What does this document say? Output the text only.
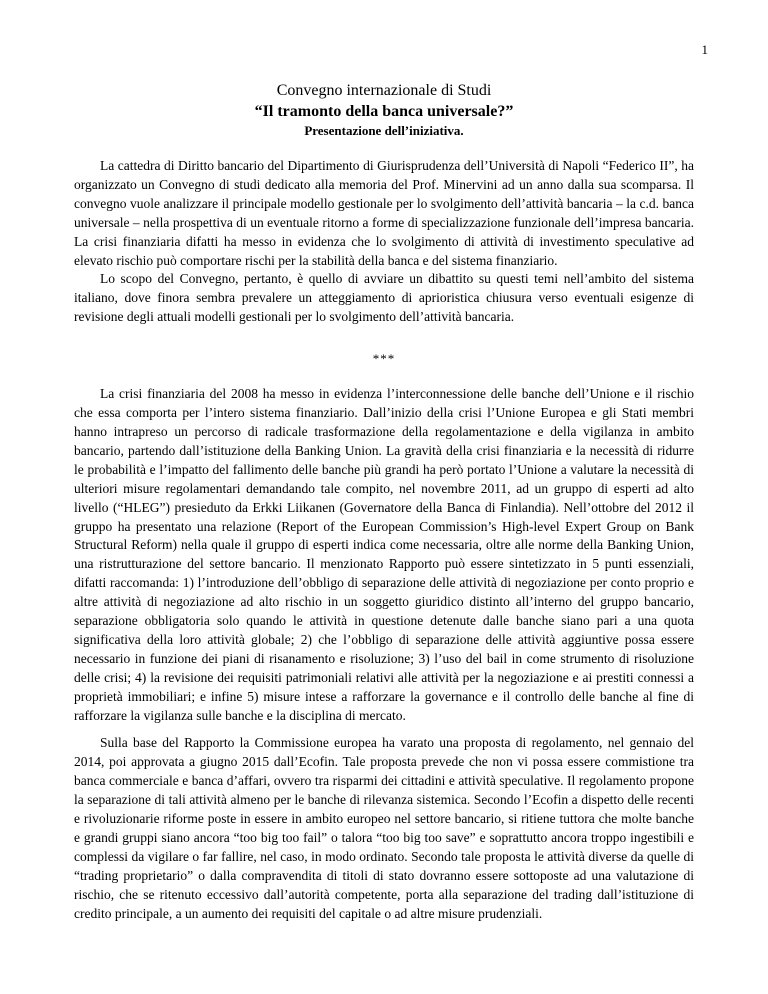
1
Convegno internazionale di Studi
“Il tramonto della banca universale?”
Presentazione dell’iniziativa.

La cattedra di Diritto bancario del Dipartimento di Giurisprudenza dell’Università di Napoli “Federico II”, ha organizzato un Convegno di studi dedicato alla memoria del Prof. Minervini ad un anno dalla sua scomparsa. Il convegno vuole analizzare il principale modello gestionale per lo svolgimento dell’attività bancaria – la c.d. banca universale – nella prospettiva di un eventuale ritorno a forme di specializzazione funzionale dell’impresa bancaria. La crisi finanziaria difatti ha messo in evidenza che lo svolgimento di attività di investimento speculative ad elevato rischio può comportare rischi per la stabilità della banca e del sistema finanziario.

Lo scopo del Convegno, pertanto, è quello di avviare un dibattito su questi temi nell’ambito del sistema italiano, dove finora sembra prevalere un atteggiamento di aprioristica chiusura verso eventuali esigenze di revisione degli attuali modelli gestionali per lo svolgimento dell’attività bancaria.

***

La crisi finanziaria del 2008 ha messo in evidenza l’interconnessione delle banche dell’Unione e il rischio che essa comporta per l’intero sistema finanziario. Dall’inizio della crisi l’Unione Europea e gli Stati membri hanno intrapreso un percorso di radicale trasformazione della regolamentazione e della vigilanza in ambito bancario, partendo dall’istituzione della Banking Union. La gravità della crisi finanziaria e la necessità di ridurre le probabilità e l’impatto del fallimento delle banche più grandi ha però portato l’Unione a valutare la necessità di ulteriori misure regolamentari demandando tale compito, nel novembre 2011, ad un gruppo di esperti ad alto livello (“HLEG”) presieduto da Erkki Liikanen (Governatore della Banca di Finlandia). Nell’ottobre del 2012 il gruppo ha presentato una relazione (Report of the European Commission’s High-level Expert Group on Bank Structural Reform) nella quale il gruppo di esperti indica come necessaria, oltre alle norme della Banking Union, una ristrutturazione del settore bancario. Il menzionato Rapporto può essere sintetizzato in 5 punti essenziali, difatti raccomanda: 1) l’introduzione dell’obbligo di separazione delle attività di negoziazione per conto proprio e altre attività di negoziazione ad alto rischio in un soggetto giuridico distinto all’interno del gruppo bancario, separazione obbligatoria solo quando le attività in questione detenute dalle banche siano pari a una quota significativa della loro attività globale; 2) che l’obbligo di separazione delle attività aggiuntive possa essere necessario in funzione dei piani di risanamento e risoluzione; 3) l’uso del bail in come strumento di risoluzione delle crisi; 4) la revisione dei requisiti patrimoniali relativi alle attività per la negoziazione e ai prestiti connessi a proprietà immobiliari; e infine 5) misure intese a rafforzare la governance e il controllo delle banche al fine di rafforzare la vigilanza sulle banche e la disciplina di mercato.

Sulla base del Rapporto la Commissione europea ha varato una proposta di regolamento, nel gennaio del 2014, poi approvata a giugno 2015 dall’Ecofin. Tale proposta prevede che non vi possa essere commistione tra banca commerciale e banca d’affari, ovvero tra risparmi dei cittadini e attività speculative. Il regolamento propone la separazione di tali attività almeno per le banche di rilevanza sistemica. Secondo l’Ecofin a dispetto delle recenti e rivoluzionarie riforme poste in essere in ambito europeo nel settore bancario, si ritiene tuttora che molte banche e grandi gruppi siano ancora “too big too fail” o talora “too big too save” e soprattutto ancora troppo ingestibili e complessi da vigilare o far fallire, nel caso, in modo ordinato. Secondo tale proposta le attività diverse da quelle di “trading proprietario” o dalla compravendita di titoli di stato dovranno essere sottoposte ad una valutazione di rischio, che se ritenuto eccessivo dall’autorità competente, porta alla separazione del trading dall’istituzione di credito principale, a un aumento dei requisiti del capitale o ad altre misure prudenziali.
